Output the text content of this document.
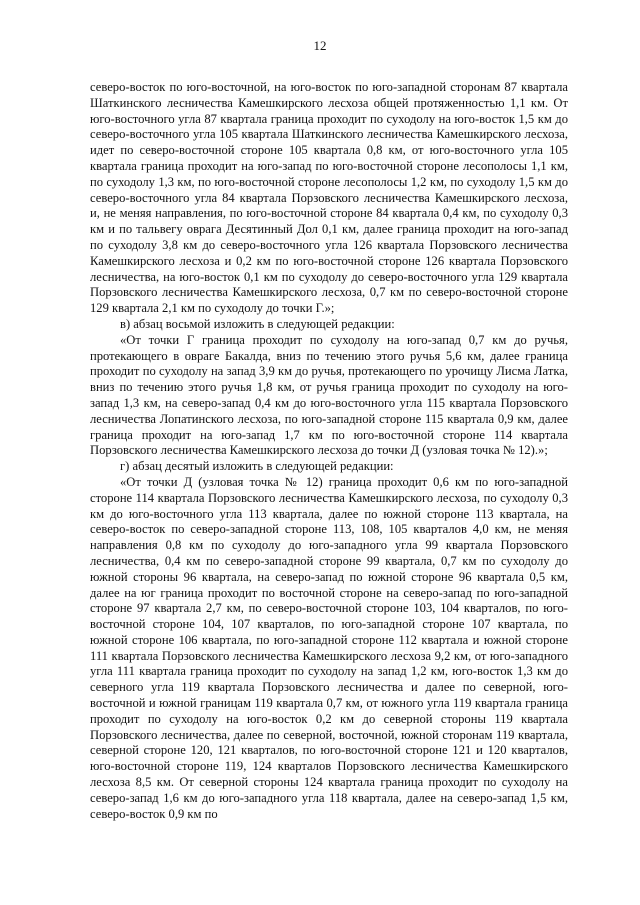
12

северо-восток по юго-восточной, на юго-восток по юго-западной сторонам 87 квартала Шаткинского лесничества Камешкирского лесхоза общей протяженностью 1,1 км. От юго-восточного угла 87 квартала граница проходит по суходолу на юго-восток 1,5 км до северо-восточного угла 105 квартала Шаткинского лесничества Камешкирского лесхоза, идет по северо-восточной стороне 105 квартала 0,8 км, от юго-восточного угла 105 квартала граница проходит на юго-запад по юго-восточной стороне лесополосы 1,1 км, по суходолу 1,3 км, по юго-восточной стороне лесополосы 1,2 км, по суходолу 1,5 км до северо-восточного угла 84 квартала Порзовского лесничества Камешкирского лесхоза, и, не меняя направления, по юго-восточной стороне 84 квартала 0,4 км, по суходолу 0,3 км и по тальвегу оврага Десятинный Дол 0,1 км, далее граница проходит на юго-запад по суходолу 3,8 км до северо-восточного угла 126 квартала Порзовского лесничества Камешкирского лесхоза и 0,2 км по юго-восточной стороне 126 квартала Порзовского лесничества, на юго-восток 0,1 км по суходолу до северо-восточного угла 129 квартала Порзовского лесничества Камешкирского лесхоза, 0,7 км по северо-восточной стороне 129 квартала 2,1 км по суходолу до точки Г.»;

в) абзац восьмой изложить в следующей редакции:

«От точки Г граница проходит по суходолу на юго-запад 0,7 км до ручья, протекающего в овраге Бакалда, вниз по течению этого ручья 5,6 км, далее граница проходит по суходолу на запад 3,9 км до ручья, протекающего по урочищу Лисма Латка, вниз по течению этого ручья 1,8 км, от ручья граница проходит по суходолу на юго-запад 1,3 км, на северо-запад 0,4 км до юго-восточного угла 115 квартала Порзовского лесничества Лопатинского лесхоза, по юго-западной стороне 115 квартала 0,9 км, далее граница проходит на юго-запад 1,7 км по юго-восточной стороне 114 квартала Порзовского лесничества Камешкирского лесхоза до точки Д (узловая точка № 12).»;

г) абзац десятый изложить в следующей редакции:

«От точки Д (узловая точка № 12) граница проходит 0,6 км по юго-западной стороне 114 квартала Порзовского лесничества Камешкирского лесхоза, по суходолу 0,3 км до юго-восточного угла 113 квартала, далее по южной стороне 113 квартала, на северо-восток по северо-западной стороне 113, 108, 105 кварталов 4,0 км, не меняя направления 0,8 км по суходолу до юго-западного угла 99 квартала Порзовского лесничества, 0,4 км по северо-западной стороне 99 квартала, 0,7 км по суходолу до южной стороны 96 квартала, на северо-запад по южной стороне 96 квартала 0,5 км, далее на юг граница проходит по восточной стороне на северо-запад по юго-западной стороне 97 квартала 2,7 км, по северо-восточной стороне 103, 104 кварталов, по юго-восточной стороне 104, 107 кварталов, по юго-западной стороне 107 квартала, по южной стороне 106 квартала, по юго-западной стороне 112 квартала и южной стороне 111 квартала Порзовского лесничества Камешкирского лесхоза 9,2 км, от юго-западного угла 111 квартала граница проходит по суходолу на запад 1,2 км, юго-восток 1,3 км до северного угла 119 квартала Порзовского лесничества и далее по северной, юго-восточной и южной границам 119 квартала 0,7 км, от южного угла 119 квартала граница проходит по суходолу на юго-восток 0,2 км до северной стороны 119 квартала Порзовского лесничества, далее по северной, восточной, южной сторонам 119 квартала, северной стороне 120, 121 кварталов, по юго-восточной стороне 121 и 120 кварталов, юго-восточной стороне 119, 124 кварталов Порзовского лесничества Камешкирского лесхоза 8,5 км. От северной стороны 124 квартала граница проходит по суходолу на северо-запад 1,6 км до юго-западного угла 118 квартала, далее на северо-запад 1,5 км, северо-восток 0,9 км по
